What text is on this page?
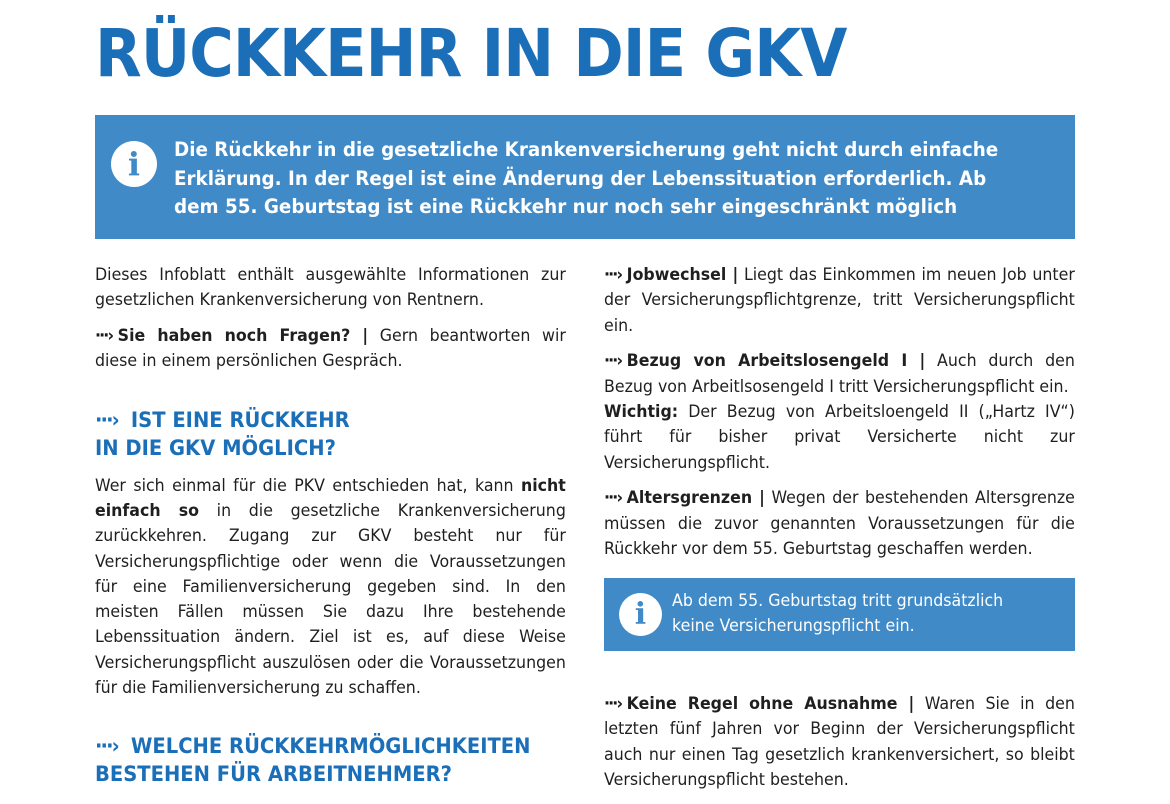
RÜCKKEHR IN DIE GKV
i	Die Rückkehr in die gesetzliche Krankenversicherung geht nicht durch einfache Erklärung. In der Regel ist eine Änderung der Lebenssituation erforderlich. Ab dem 55. Geburtstag ist eine Rückkehr nur noch sehr eingeschränkt möglich

Dieses Infoblatt enthält ausgewählte Informationen zur gesetzlichen Krankenversicherung von Rentnern.

···› Sie haben noch Fragen? | Gern beantworten wir diese in einem persönlichen Gespräch.

···› IST EINE RÜCKKEHR
IN DIE GKV MÖGLICH?

Wer sich einmal für die PKV entschieden hat, kann nicht einfach so in die gesetzliche Krankenversicherung zurückkehren. Zugang zur GKV besteht nur für Versicherungspflichtige oder wenn die Voraussetzungen für eine Familienversicherung gegeben sind. In den meisten Fällen müssen Sie dazu Ihre bestehende Lebenssituation ändern. Ziel ist es, auf diese Weise Versicherungspflicht auszulösen oder die Voraussetzungen für die Familienversicherung zu schaffen.

···› WELCHE RÜCKKEHRMÖGLICHKEITEN
BESTEHEN FÜR ARBEITNEHMER?

···› Jobwechsel | Liegt das Einkommen im neuen Job unter der Versicherungspflichtgrenze, tritt Versicherungspflicht ein.

···› Bezug von Arbeitslosengeld I | Auch durch den Bezug von Arbeitlsosengeld I tritt Versicherungspflicht ein.
Wichtig: Der Bezug von Arbeitsloengeld II („Hartz IV“) führt für bisher privat Versicherte nicht zur Versicherungspflicht.

···› Altersgrenzen | Wegen der bestehenden Altersgrenze müssen die zuvor genannten Voraussetzungen für die Rückkehr vor dem 55. Geburtstag geschaffen werden.

i	Ab dem 55. Geburtstag tritt grundsätzlich keine Versicherungspflicht ein.

···› Keine Regel ohne Ausnahme | Waren Sie in den letzten fünf Jahren vor Beginn der Versicherungspflicht auch nur einen Tag gesetzlich krankenversichert, so bleibt Versicherungspflicht bestehen.
